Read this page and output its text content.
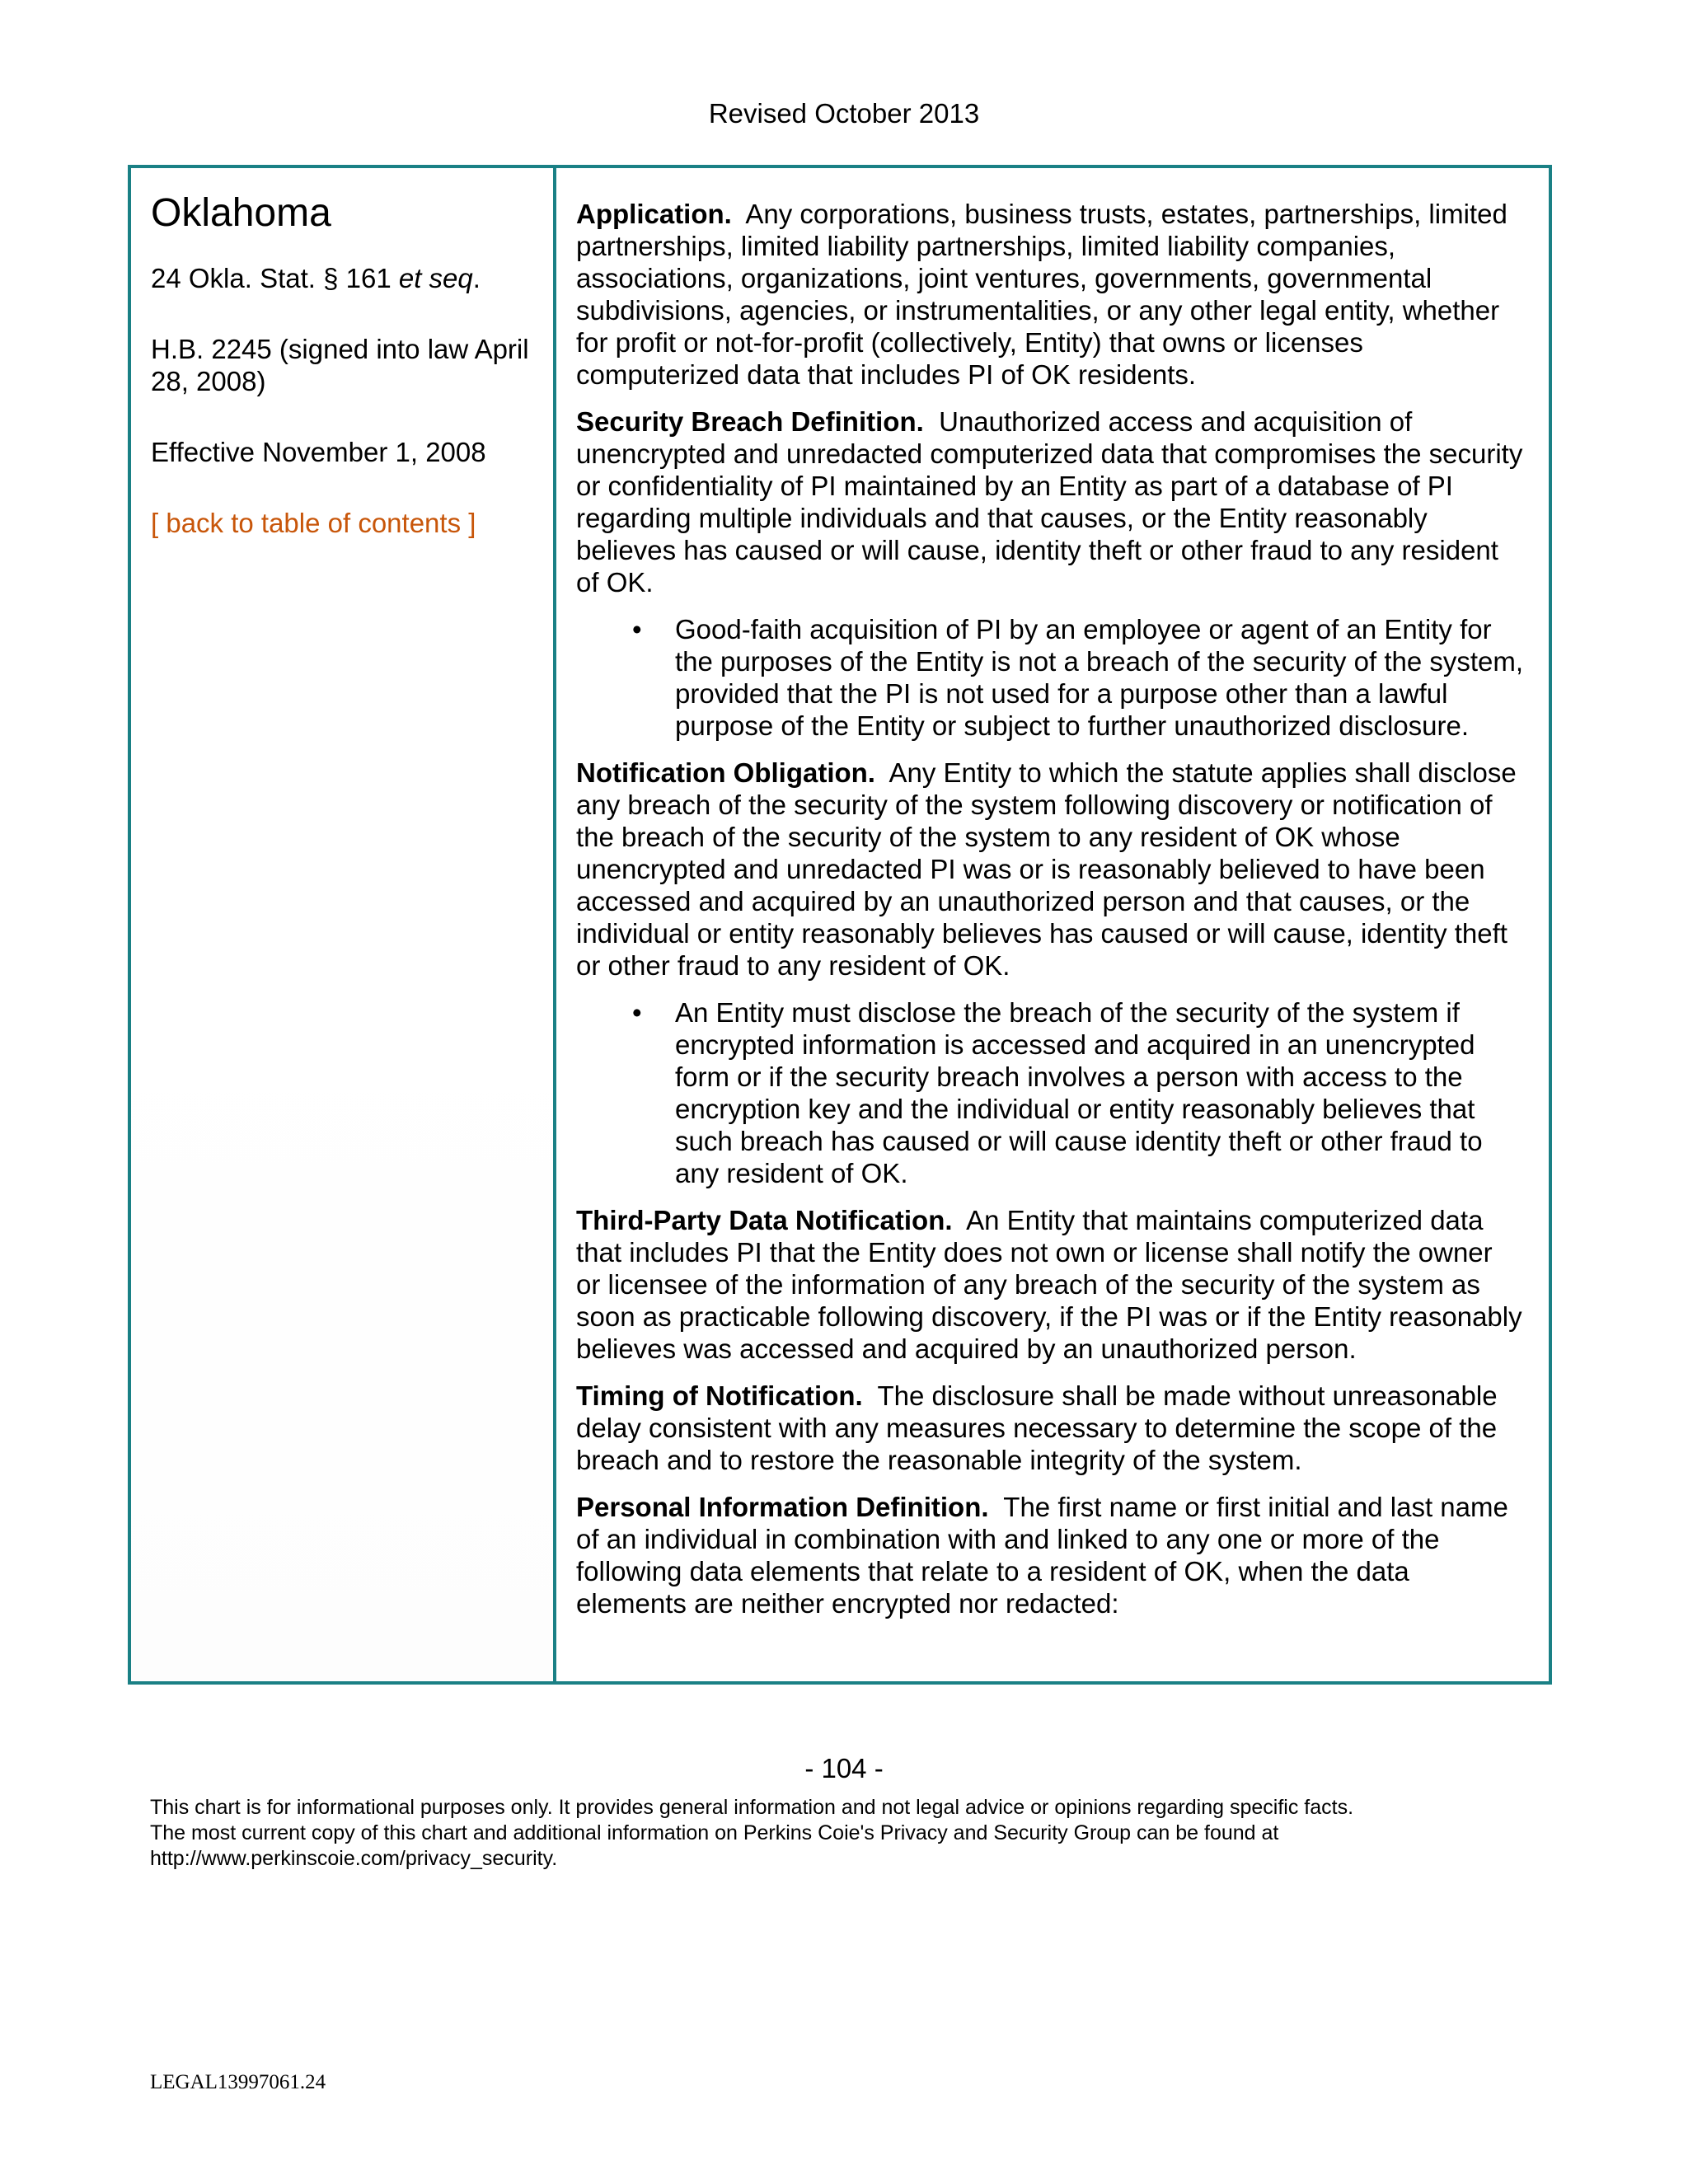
Revised October 2013
Oklahoma
24 Okla. Stat. § 161 et seq.
H.B. 2245 (signed into law April 28, 2008)
Effective November 1, 2008
[ back to table of contents ]

Application. Any corporations, business trusts, estates, partnerships, limited partnerships, limited liability partnerships, limited liability companies, associations, organizations, joint ventures, governments, governmental subdivisions, agencies, or instrumentalities, or any other legal entity, whether for profit or not-for-profit (collectively, Entity) that owns or licenses computerized data that includes PI of OK residents.

Security Breach Definition. Unauthorized access and acquisition of unencrypted and unredacted computerized data that compromises the security or confidentiality of PI maintained by an Entity as part of a database of PI regarding multiple individuals and that causes, or the Entity reasonably believes has caused or will cause, identity theft or other fraud to any resident of OK.

• Good-faith acquisition of PI by an employee or agent of an Entity for the purposes of the Entity is not a breach of the security of the system, provided that the PI is not used for a purpose other than a lawful purpose of the Entity or subject to further unauthorized disclosure.

Notification Obligation. Any Entity to which the statute applies shall disclose any breach of the security of the system following discovery or notification of the breach of the security of the system to any resident of OK whose unencrypted and unredacted PI was or is reasonably believed to have been accessed and acquired by an unauthorized person and that causes, or the individual or entity reasonably believes has caused or will cause, identity theft or other fraud to any resident of OK.

• An Entity must disclose the breach of the security of the system if encrypted information is accessed and acquired in an unencrypted form or if the security breach involves a person with access to the encryption key and the individual or entity reasonably believes that such breach has caused or will cause identity theft or other fraud to any resident of OK.

Third-Party Data Notification. An Entity that maintains computerized data that includes PI that the Entity does not own or license shall notify the owner or licensee of the information of any breach of the security of the system as soon as practicable following discovery, if the PI was or if the Entity reasonably believes was accessed and acquired by an unauthorized person.

Timing of Notification. The disclosure shall be made without unreasonable delay consistent with any measures necessary to determine the scope of the breach and to restore the reasonable integrity of the system.

Personal Information Definition. The first name or first initial and last name of an individual in combination with and linked to any one or more of the following data elements that relate to a resident of OK, when the data elements are neither encrypted nor redacted:

- 104 -
This chart is for informational purposes only. It provides general information and not legal advice or opinions regarding specific facts.
The most current copy of this chart and additional information on Perkins Coie's Privacy and Security Group can be found at
http://www.perkinscoie.com/privacy_security.
LEGAL13997061.24
